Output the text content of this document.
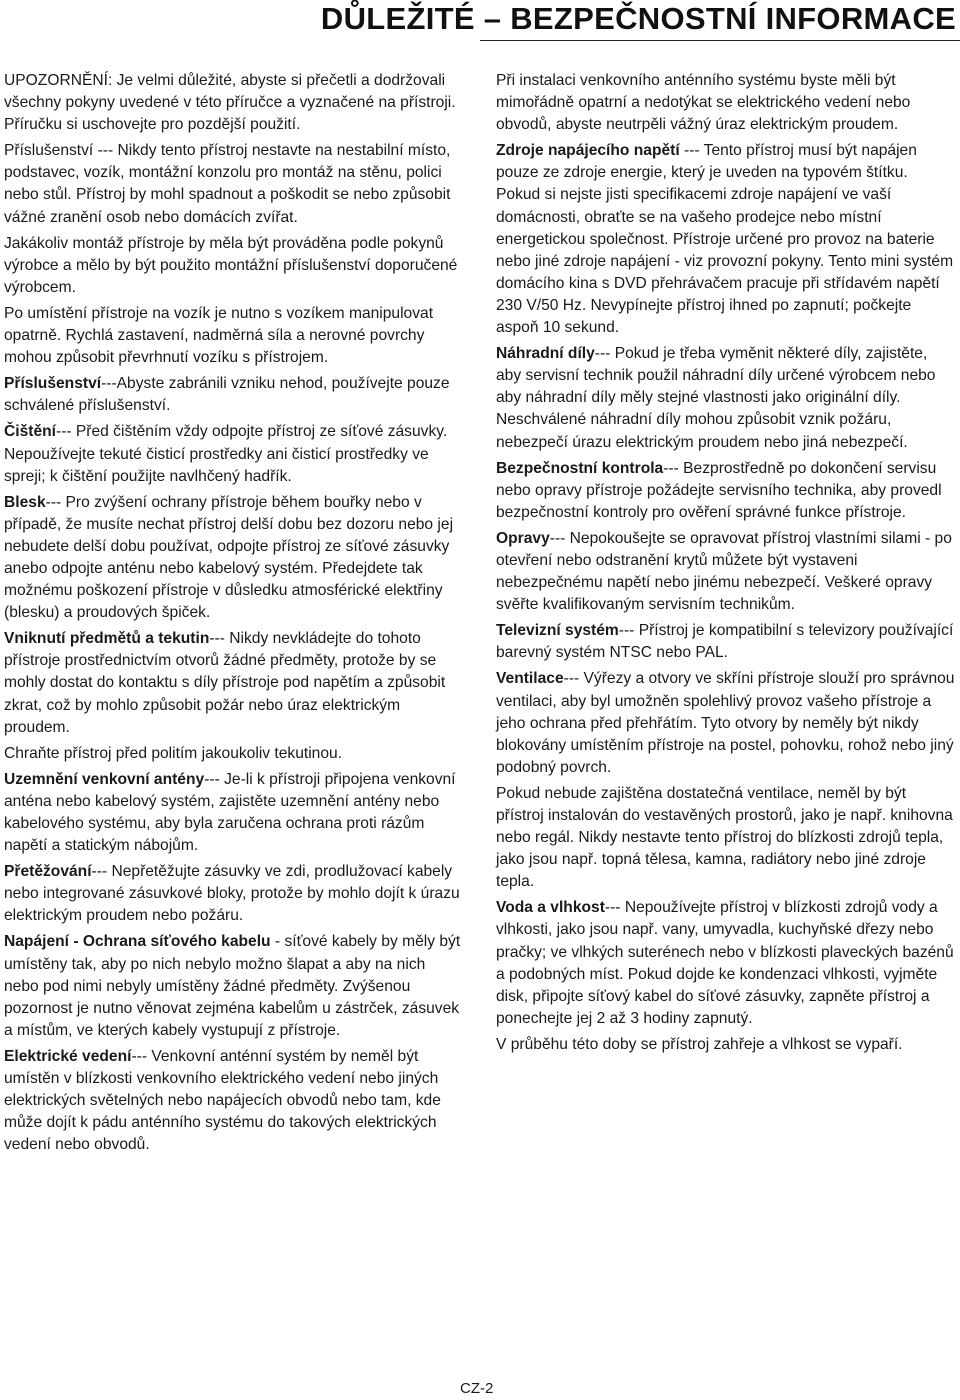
DŮLEŽITÉ – BEZPEČNOSTNÍ INFORMACE

UPOZORNĚNÍ: Je velmi důležité, abyste si přečetli a dodržovali všechny pokyny uvedené v této příručce a vyznačené na přístroji. Příručku si uschovejte pro pozdější použití.

Příslušenství --- Nikdy tento přístroj nestavte na nestabilní místo, podstavec, vozík, montážní konzolu pro montáž na stěnu, polici nebo stůl. Přístroj by mohl spadnout a poškodit se nebo způsobit vážné zranění osob nebo domácích zvířat.

Jakákoliv montáž přístroje by měla být prováděna podle pokynů výrobce a mělo by být použito montážní příslušenství doporučené výrobcem.

Po umístění přístroje na vozík je nutno s vozíkem manipulovat opatrně. Rychlá zastavení, nadměrná síla a nerovné povrchy mohou způsobit převrhnutí vozíku s přístrojem.

Příslušenství---Abyste zabránili vzniku nehod, používejte pouze schválené příslušenství.

Čištění--- Před čištěním vždy odpojte přístroj ze síťové zásuvky. Nepoužívejte tekuté čisticí prostředky ani čisticí prostředky ve spreji; k čištění použijte navlhčený hadřík.

Blesk--- Pro zvýšení ochrany přístroje během bouřky nebo v případě, že musíte nechat přístroj delší dobu bez dozoru nebo jej nebudete delší dobu používat, odpojte přístroj ze síťové zásuvky anebo odpojte anténu nebo kabelový systém. Předejdete tak možnému poškození přístroje v důsledku atmosférické elektřiny (blesku) a proudových špiček.

Vniknutí předmětů a tekutin--- Nikdy nevkládejte do tohoto přístroje prostřednictvím otvorů žádné předměty, protože by se mohly dostat do kontaktu s díly přístroje pod napětím a způsobit zkrat, což by mohlo způsobit požár nebo úraz elektrickým proudem.

Chraňte přístroj před politím jakoukoliv tekutinou.

Uzemnění venkovní antény--- Je-li k přístroji připojena venkovní anténa nebo kabelový systém, zajistěte uzemnění antény nebo kabelového systému, aby byla zaručena ochrana proti rázům napětí a statickým nábojům.

Přetěžování--- Nepřetěžujte zásuvky ve zdi, prodlužovací kabely nebo integrované zásuvkové bloky, protože by mohlo dojít k úrazu elektrickým proudem nebo požáru.

Napájení - Ochrana síťového kabelu - síťové kabely by měly být umístěny tak, aby po nich nebylo možno šlapat a aby na nich nebo pod nimi nebyly umístěny žádné předměty. Zvýšenou pozornost je nutno věnovat zejména kabelům u zástrček, zásuvek a místům, ve kterých kabely vystupují z přístroje.

Elektrické vedení--- Venkovní anténní systém by neměl být umístěn v blízkosti venkovního elektrického vedení nebo jiných elektrických světelných nebo napájecích obvodů nebo tam, kde může dojít k pádu anténního systému do takových elektrických vedení nebo obvodů.

Při instalaci venkovního anténního systému byste měli být mimořádně opatrní a nedotýkat se elektrického vedení nebo obvodů, abyste neutrpěli vážný úraz elektrickým proudem.

Zdroje napájecího napětí --- Tento přístroj musí být napájen pouze ze zdroje energie, který je uveden na typovém štítku. Pokud si nejste jisti specifikacemi zdroje napájení ve vaší domácnosti, obraťte se na vašeho prodejce nebo místní energetickou společnost. Přístroje určené pro provoz na baterie nebo jiné zdroje napájení - viz provozní pokyny. Tento mini systém domácího kina s DVD přehrávačem pracuje při střídavém napětí 230 V/50 Hz. Nevypínejte přístroj ihned po zapnutí; počkejte aspoň 10 sekund.

Náhradní díly--- Pokud je třeba vyměnit některé díly, zajistěte, aby servisní technik použil náhradní díly určené výrobcem nebo aby náhradní díly měly stejné vlastnosti jako originální díly. Neschválené náhradní díly mohou způsobit vznik požáru, nebezpečí úrazu elektrickým proudem nebo jiná nebezpečí.

Bezpečnostní kontrola--- Bezprostředně po dokončení servisu nebo opravy přístroje požádejte servisního technika, aby provedl bezpečnostní kontroly pro ověření správné funkce přístroje.

Opravy--- Nepokoušejte se opravovat přístroj vlastními silami - po otevření nebo odstranění krytů můžete být vystaveni nebezpečnému napětí nebo jinému nebezpečí. Veškeré opravy svěřte kvalifikovaným servisním technikům.

Televizní systém--- Přístroj je kompatibilní s televizory používající barevný systém NTSC nebo PAL.

Ventilace--- Výřezy a otvory ve skříni přístroje slouží pro správnou ventilaci, aby byl umožněn spolehlivý provoz vašeho přístroje a jeho ochrana před přehřátím. Tyto otvory by neměly být nikdy blokovány umístěním přístroje na postel, pohovku, rohož nebo jiný podobný povrch.

Pokud nebude zajištěna dostatečná ventilace, neměl by být přístroj instalován do vestavěných prostorů, jako je např. knihovna nebo regál. Nikdy nestavte tento přístroj do blízkosti zdrojů tepla, jako jsou např. topná tělesa, kamna, radiátory nebo jiné zdroje tepla.

Voda a vlhkost--- Nepoužívejte přístroj v blízkosti zdrojů vody a vlhkosti, jako jsou např. vany, umyvadla, kuchyňské dřezy nebo pračky; ve vlhkých suterénech nebo v blízkosti plaveckých bazénů a podobných míst. Pokud dojde ke kondenzaci vlhkosti, vyjměte disk, připojte síťový kabel do síťové zásuvky, zapněte přístroj a ponechejte jej 2 až 3 hodiny zapnutý.

V průběhu této doby se přístroj zahřeje a vlhkost se vypaří.

CZ-2
